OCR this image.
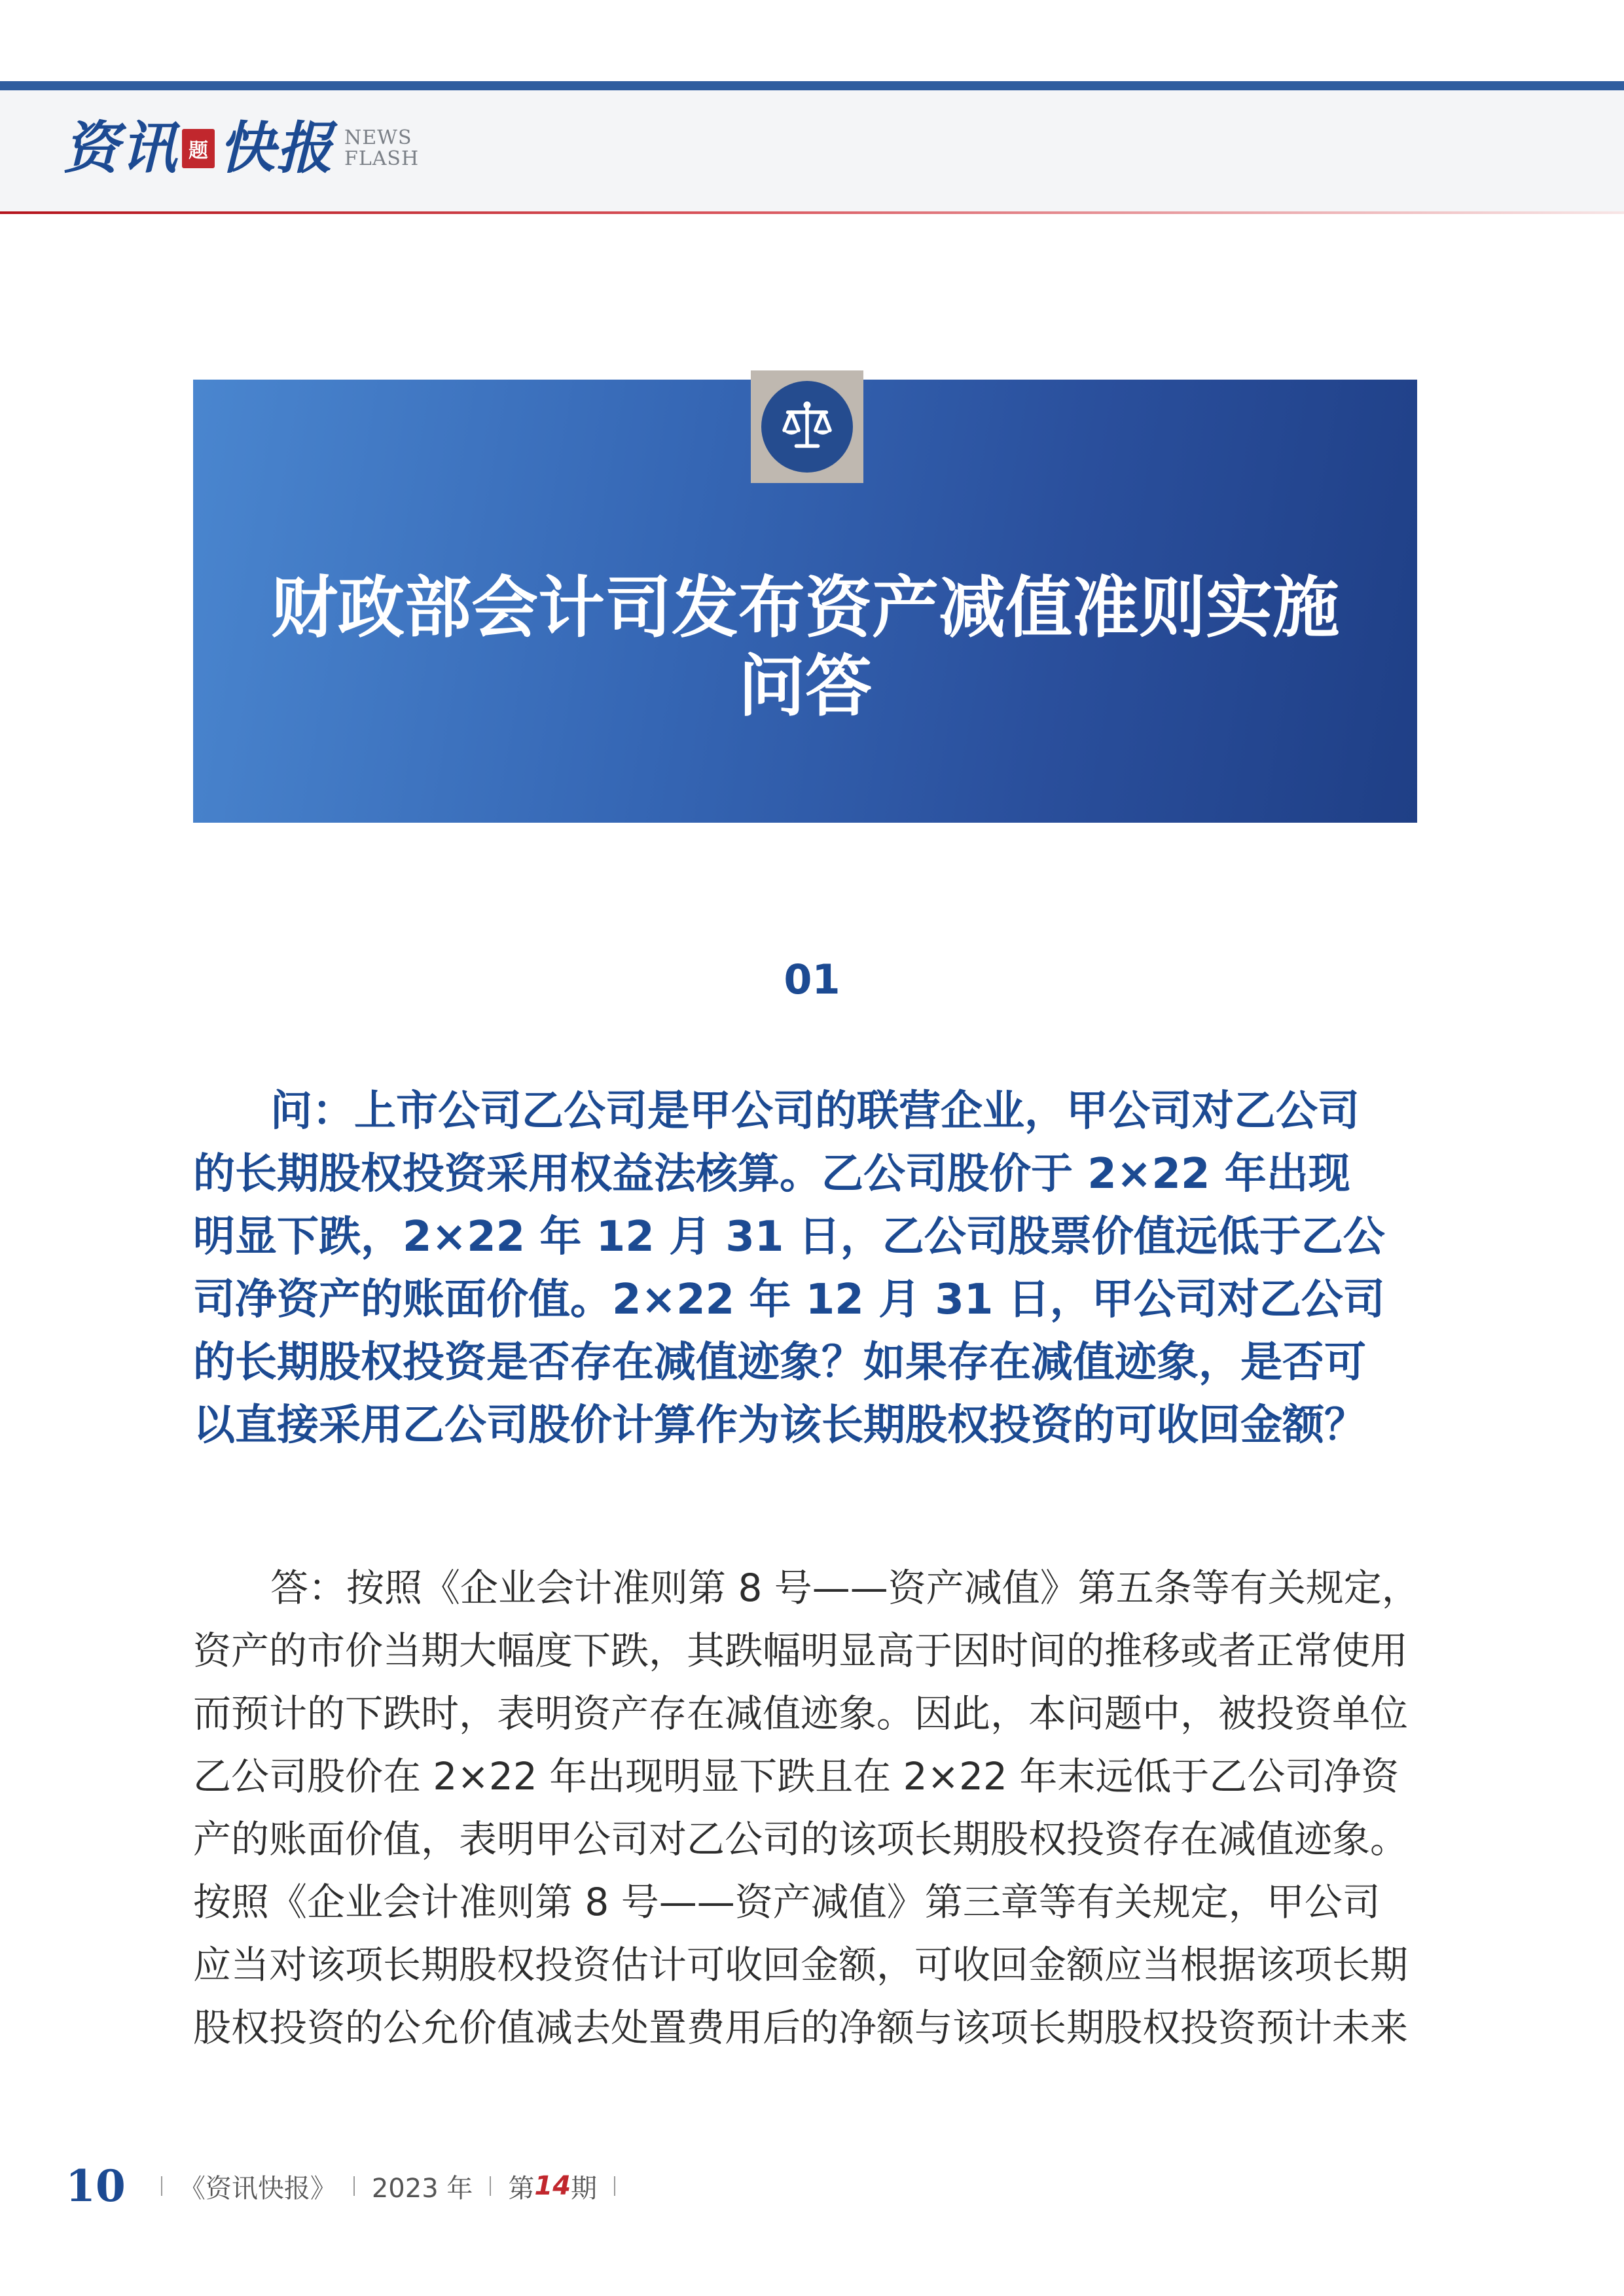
资讯 题 快报 NEWS
FLASH
财政部会计司发布资产减值准则实施
问答
01
问：上市公司乙公司是甲公司的联营企业，甲公司对乙公司
的长期股权投资采用权益法核算。乙公司股价于 2×22 年出现
明显下跌，2×22 年 12 月 31 日，乙公司股票价值远低于乙公
司净资产的账面价值。2×22 年 12 月 31 日，甲公司对乙公司
的长期股权投资是否存在减值迹象？如果存在减值迹象，是否可
以直接采用乙公司股价计算作为该长期股权投资的可收回金额？
答：按照《企业会计准则第 8 号——资产减值》第五条等有关规定，
资产的市价当期大幅度下跌，其跌幅明显高于因时间的推移或者正常使用
而预计的下跌时，表明资产存在减值迹象。因此，本问题中，被投资单位
乙公司股价在 2×22 年出现明显下跌且在 2×22 年末远低于乙公司净资
产的账面价值，表明甲公司对乙公司的该项长期股权投资存在减值迹象。
按照《企业会计准则第 8 号——资产减值》第三章等有关规定，甲公司
应当对该项长期股权投资估计可收回金额，可收回金额应当根据该项长期
股权投资的公允价值减去处置费用后的净额与该项长期股权投资预计未来
10 《资讯快报》 2023 年 第 14 期
